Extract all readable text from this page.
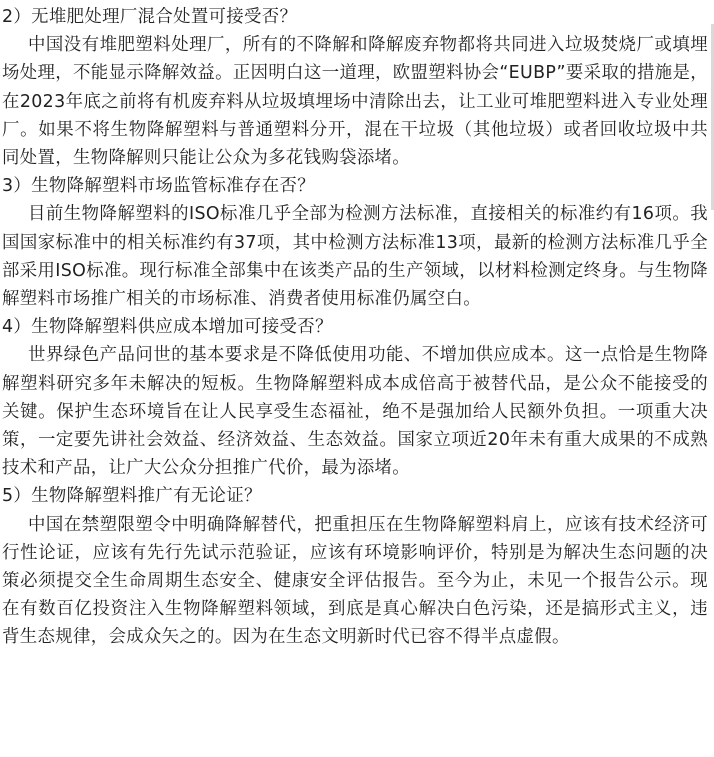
2）无堆肥处理厂混合处置可接受否？

中国没有堆肥塑料处理厂，所有的不降解和降解废弃物都将共同进入垃圾焚烧厂或填埋场处理，不能显示降解效益。正因明白这一道理，欧盟塑料协会“EUBP”要采取的措施是，在2023年底之前将有机废弃料从垃圾填埋场中清除出去，让工业可堆肥塑料进入专业处理厂。如果不将生物降解塑料与普通塑料分开，混在干垃圾（其他垃圾）或者回收垃圾中共同处置，生物降解则只能让公众为多花钱购袋添堵。

3）生物降解塑料市场监管标准存在否？

目前生物降解塑料的ISO标准几乎全部为检测方法标准，直接相关的标准约有16项。我国国家标准中的相关标准约有37项，其中检测方法标准13项，最新的检测方法标准几乎全部采用ISO标准。现行标准全部集中在该类产品的生产领域，以材料检测定终身。与生物降解塑料市场推广相关的市场标准、消费者使用标准仍属空白。

4）生物降解塑料供应成本增加可接受否？

世界绿色产品问世的基本要求是不降低使用功能、不增加供应成本。这一点恰是生物降解塑料研究多年未解决的短板。生物降解塑料成本成倍高于被替代品，是公众不能接受的关键。保护生态环境旨在让人民享受生态福祉，绝不是强加给人民额外负担。一项重大决策，一定要先讲社会效益、经济效益、生态效益。国家立项近20年未有重大成果的不成熟技术和产品，让广大公众分担推广代价，最为添堵。

5）生物降解塑料推广有无论证？

中国在禁塑限塑令中明确降解替代，把重担压在生物降解塑料肩上，应该有技术经济可行性论证，应该有先行先试示范验证，应该有环境影响评价，特别是为解决生态问题的决策必须提交全生命周期生态安全、健康安全评估报告。至今为止，未见一个报告公示。现在有数百亿投资注入生物降解塑料领域，到底是真心解决白色污染，还是搞形式主义，违背生态规律，会成众矢之的。因为在生态文明新时代已容不得半点虚假。
